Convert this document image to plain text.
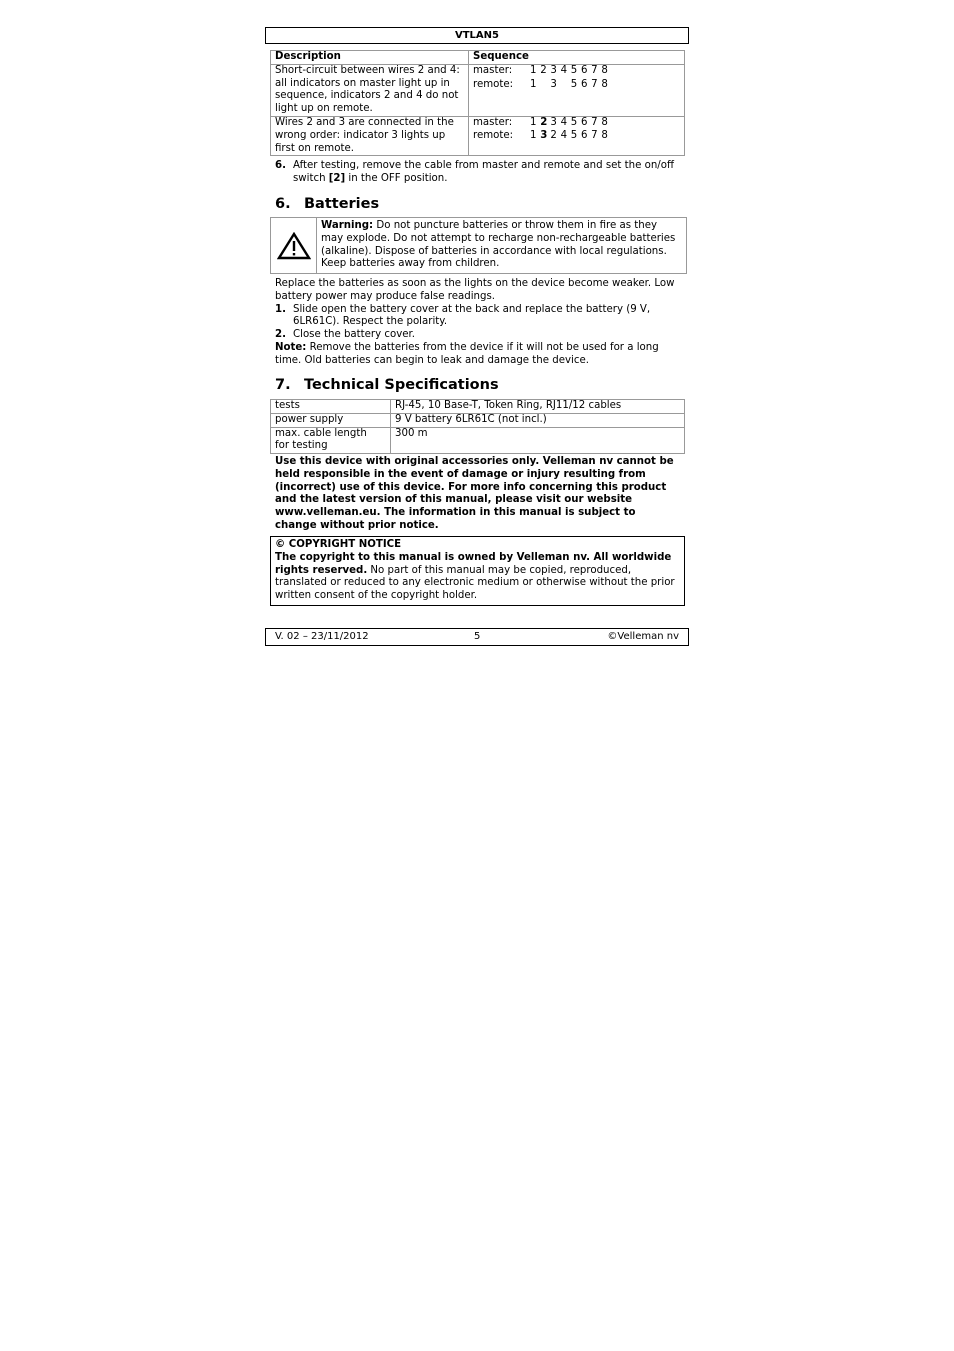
VTLAN5
Description	Sequence
Short-circuit between wires 2 and 4: all indicators on master light up in sequence, indicators 2 and 4 do not light up on remote.	master: 1 2 3 4 5 6 7 8
remote: 1 3 5 6 7 8

Wires 2 and 3 are connected in the wrong order: indicator 3 lights up first on remote.	master: 1 2 3 4 5 6 7 8
remote: 1 3 2 4 5 6 7 8
6. After testing, remove the cable from master and remote and set the on/off switch [2] in the OFF position.
6. Batteries
Warning: Do not puncture batteries or throw them in fire as they may explode. Do not attempt to recharge non-rechargeable batteries (alkaline). Dispose of batteries in accordance with local regulations. Keep batteries away from children.

Replace the batteries as soon as the lights on the device become weaker. Low battery power may produce false readings.

1. Slide open the battery cover at the back and replace the battery (9 V, 6LR61C). Respect the polarity.
2. Close the battery cover.

Note: Remove the batteries from the device if it will not be used for a long time. Old batteries can begin to leak and damage the device.

7. Technical Specifications
tests	RJ-45, 10 Base-T, Token Ring, RJ11/12 cables
power supply	9 V battery 6LR61C (not incl.)
max. cable length for testing	300 m

Use this device with original accessories only. Velleman nv cannot be held responsible in the event of damage or injury resulting from (incorrect) use of this device. For more info concerning this product and the latest version of this manual, please visit our website www.velleman.eu. The information in this manual is subject to change without prior notice.

© COPYRIGHT NOTICE

The copyright to this manual is owned by Velleman nv. All worldwide rights reserved. No part of this manual may be copied, reproduced, translated or reduced to any electronic medium or otherwise without the prior written consent of the copyright holder.

V. 02 – 23/11/2012	5	©Velleman nv
